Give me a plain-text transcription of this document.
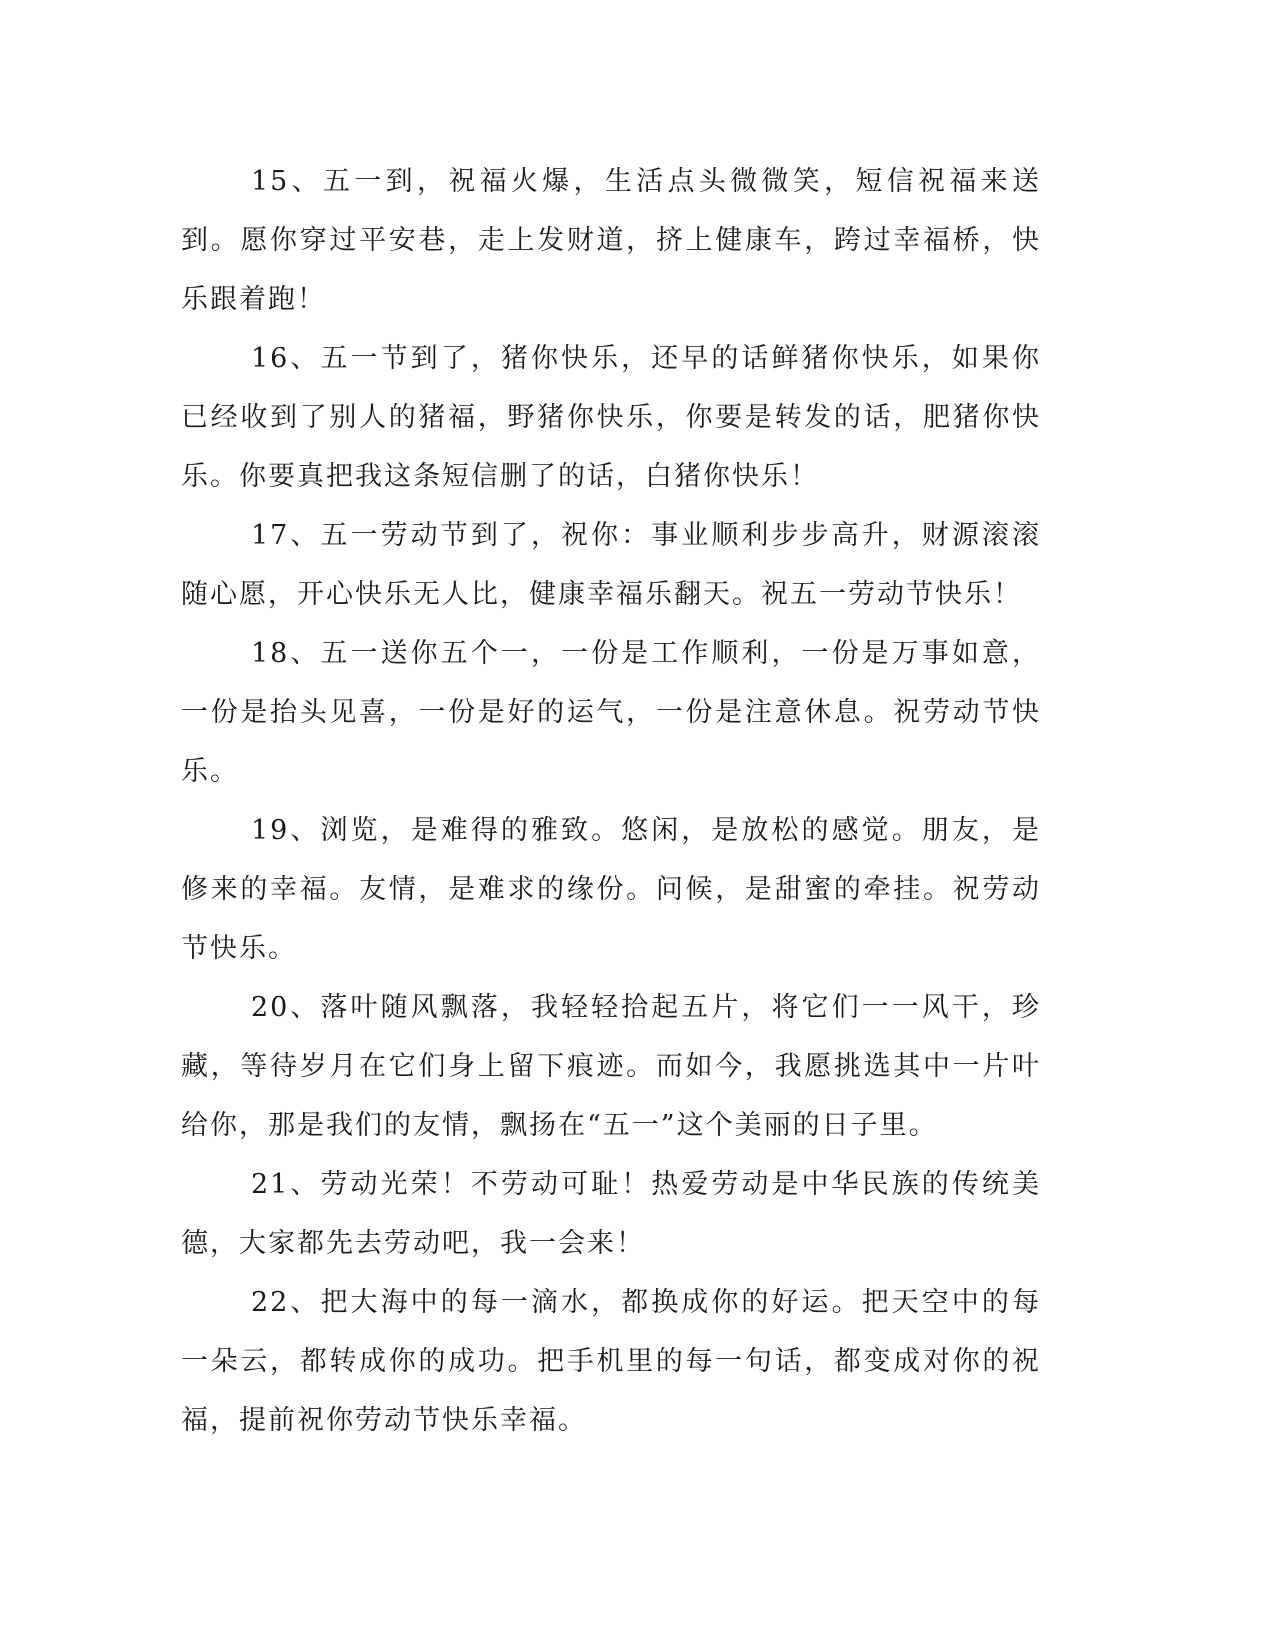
15、五一到，祝福火爆，生活点头微微笑，短信祝福来送到。愿你穿过平安巷，走上发财道，挤上健康车，跨过幸福桥，快乐跟着跑！

16、五一节到了，猪你快乐，还早的话鲜猪你快乐，如果你已经收到了别人的猪福，野猪你快乐，你要是转发的话，肥猪你快乐。你要真把我这条短信删了的话，白猪你快乐！

17、五一劳动节到了，祝你：事业顺利步步高升，财源滚滚随心愿，开心快乐无人比，健康幸福乐翻天。祝五一劳动节快乐！

18、五一送你五个一，一份是工作顺利，一份是万事如意，一份是抬头见喜，一份是好的运气，一份是注意休息。祝劳动节快乐。

19、浏览，是难得的雅致。悠闲，是放松的感觉。朋友，是修来的幸福。友情，是难求的缘份。问候，是甜蜜的牵挂。祝劳动节快乐。

20、落叶随风飘落，我轻轻拾起五片，将它们一一风干，珍藏，等待岁月在它们身上留下痕迹。而如今，我愿挑选其中一片叶给你，那是我们的友情，飘扬在“五一”这个美丽的日子里。

21、劳动光荣！不劳动可耻！热爱劳动是中华民族的传统美德，大家都先去劳动吧，我一会来！

22、把大海中的每一滴水，都换成你的好运。把天空中的每一朵云，都转成你的成功。把手机里的每一句话，都变成对你的祝福，提前祝你劳动节快乐幸福。
